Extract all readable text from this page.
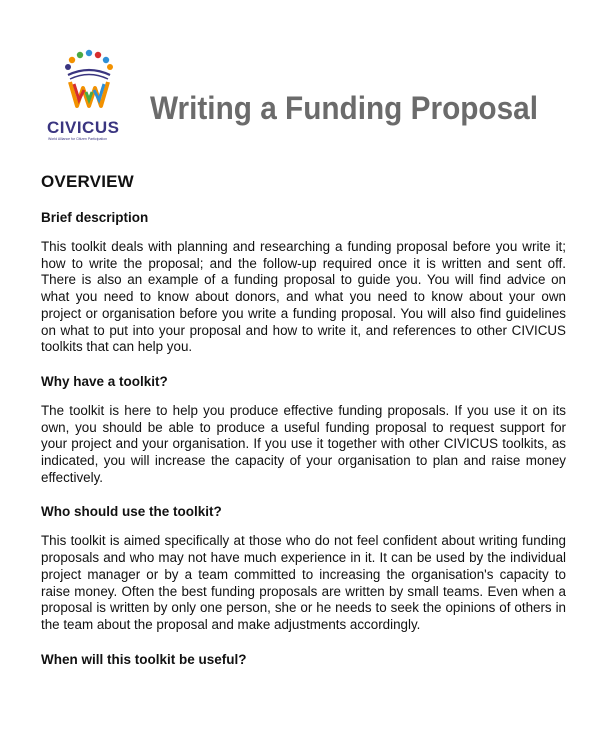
CIVICUS
World Alliance for Citizen Participation
Writing a Funding Proposal
OVERVIEW
Brief description
This toolkit deals with planning and researching a funding proposal before you write it; how to write the proposal; and the follow-up required once it is written and sent off. There is also an example of a funding proposal to guide you. You will find advice on what you need to know about donors, and what you need to know about your own project or organisation before you write a funding proposal. You will also find guidelines on what to put into your proposal and how to write it, and references to other CIVICUS toolkits that can help you.
Why have a toolkit?
The toolkit is here to help you produce effective funding proposals. If you use it on its own, you should be able to produce a useful funding proposal to request support for your project and your organisation. If you use it together with other CIVICUS toolkits, as indicated, you will increase the capacity of your organisation to plan and raise money effectively.
Who should use the toolkit?
This toolkit is aimed specifically at those who do not feel confident about writing funding proposals and who may not have much experience in it. It can be used by the individual project manager or by a team committed to increasing the organisation's capacity to raise money. Often the best funding proposals are written by small teams. Even when a proposal is written by only one person, she or he needs to seek the opinions of others in the team about the proposal and make adjustments accordingly.
When will this toolkit be useful?
